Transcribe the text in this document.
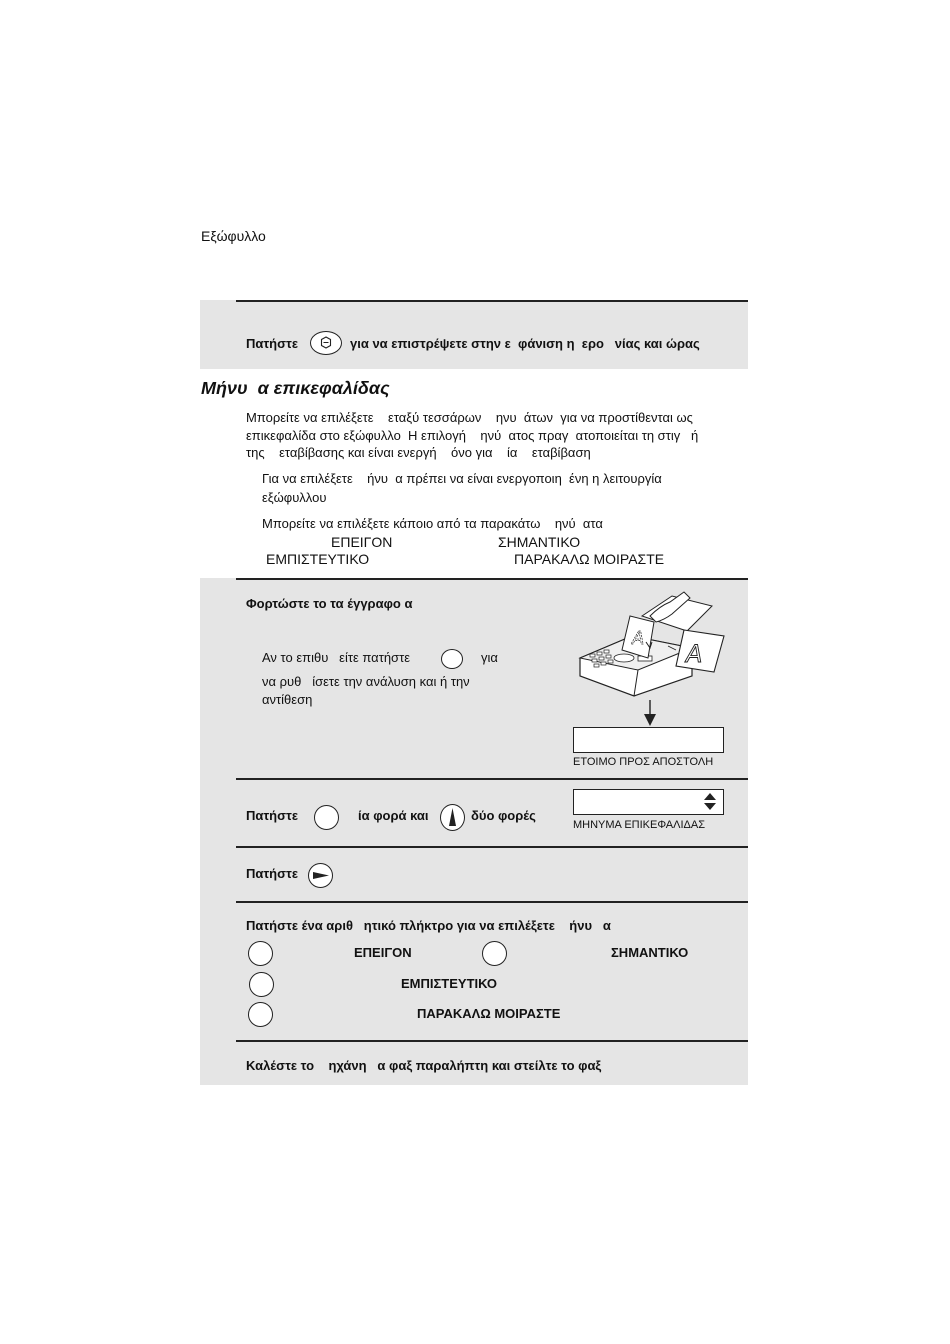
Εξώφυλλο
Πατήστε	για να επιστρέψετε στην ε  φάνιση η  ερο   νίας και ώρας
Μήνυ  α επικεφαλίδας
Μπορείτε να επιλέξετε    εταξύ τεσσάρων    ηνυ  άτων  για να προστίθενται ως
επικεφαλίδα στο εξώφυλλο  Η επιλογή    ηνύ  ατος πραγ  ατοποιείται τη στιγ   ή
της    εταβίβασης και είναι ενεργή    όνο για    ία    εταβίβαση
Για να επιλέξετε    ήνυ  α πρέπει να είναι ενεργοποιη  ένη η λειτουργία
εξώφυλλου
Μπορείτε να επιλέξετε κάποιο από τα παρακάτω    ηνύ  ατα
ΕΠΕΙΓΟΝ	ΣΗΜΑΝΤΙΚΟ
ΕΜΠΙΣΤΕΥΤΙΚΟ	ΠΑΡΑΚΑΛΩ ΜΟΙΡΑΣΤΕ
Φορτώστε το τα έγγραφο α
Αν το επιθυ   είτε πατήστε	για
να ρυθ   ίσετε την ανάλυση και ή την
αντίθεση
A
A
ΕΤΟΙΜΟ ΠΡΟΣ ΑΠΟΣΤΟΛΗ
Πατήστε	ία φορά και	δύο φορές
ΜΗΝΥΜΑ ΕΠΙΚΕΦΑΛΙΔΑΣ
Πατήστε
Πατήστε ένα αριθ   ητικό πλήκτρο για να επιλέξετε    ήνυ   α
ΕΠΕΙΓΟΝ	ΣΗΜΑΝΤΙΚΟ
ΕΜΠΙΣΤΕΥΤΙΚΟ
ΠΑΡΑΚΑΛΩ ΜΟΙΡΑΣΤΕ
Καλέστε το    ηχάνη   α φαξ παραλήπτη και στείλτε το φαξ
